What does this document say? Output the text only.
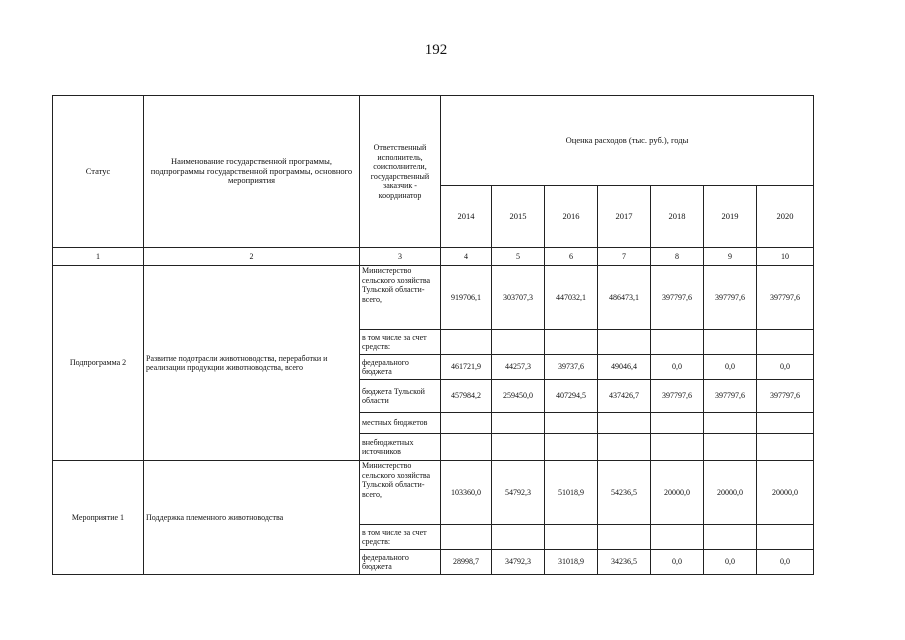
192
Статус	Наименование государственной программы, подпрограммы государственной программы, основного мероприятия	Ответственный исполнитель, соисполнители, государственный заказчик - координатор	Оценка расходов (тыс. руб.), годы						
			2014	2015	2016	2017	2018	2019	2020
1	2	3	4	5	6	7	8	9	10
Подпрограмма 2	Развитие подотрасли животноводства, переработки и реализации продукции животноводства, всего	Министерство сельского хозяйства Тульской области- всего,	919706,1	303707,3	447032,1	486473,1	397797,6	397797,6	397797,6
		в том числе за счет средств:							
		федерального бюджета	461721,9	44257,3	39737,6	49046,4	0,0	0,0	0,0
		бюджета Тульской области	457984,2	259450,0	407294,5	437426,7	397797,6	397797,6	397797,6
		местных бюджетов							
		внебюджетных источников							
Мероприятие 1	Поддержка племенного животноводства	Министерство сельского хозяйства Тульской области- всего,	103360,0	54792,3	51018,9	54236,5	20000,0	20000,0	20000,0
		в том числе за счет средств:							
		федерального бюджета	28998,7	34792,3	31018,9	34236,5	0,0	0,0	0,0
